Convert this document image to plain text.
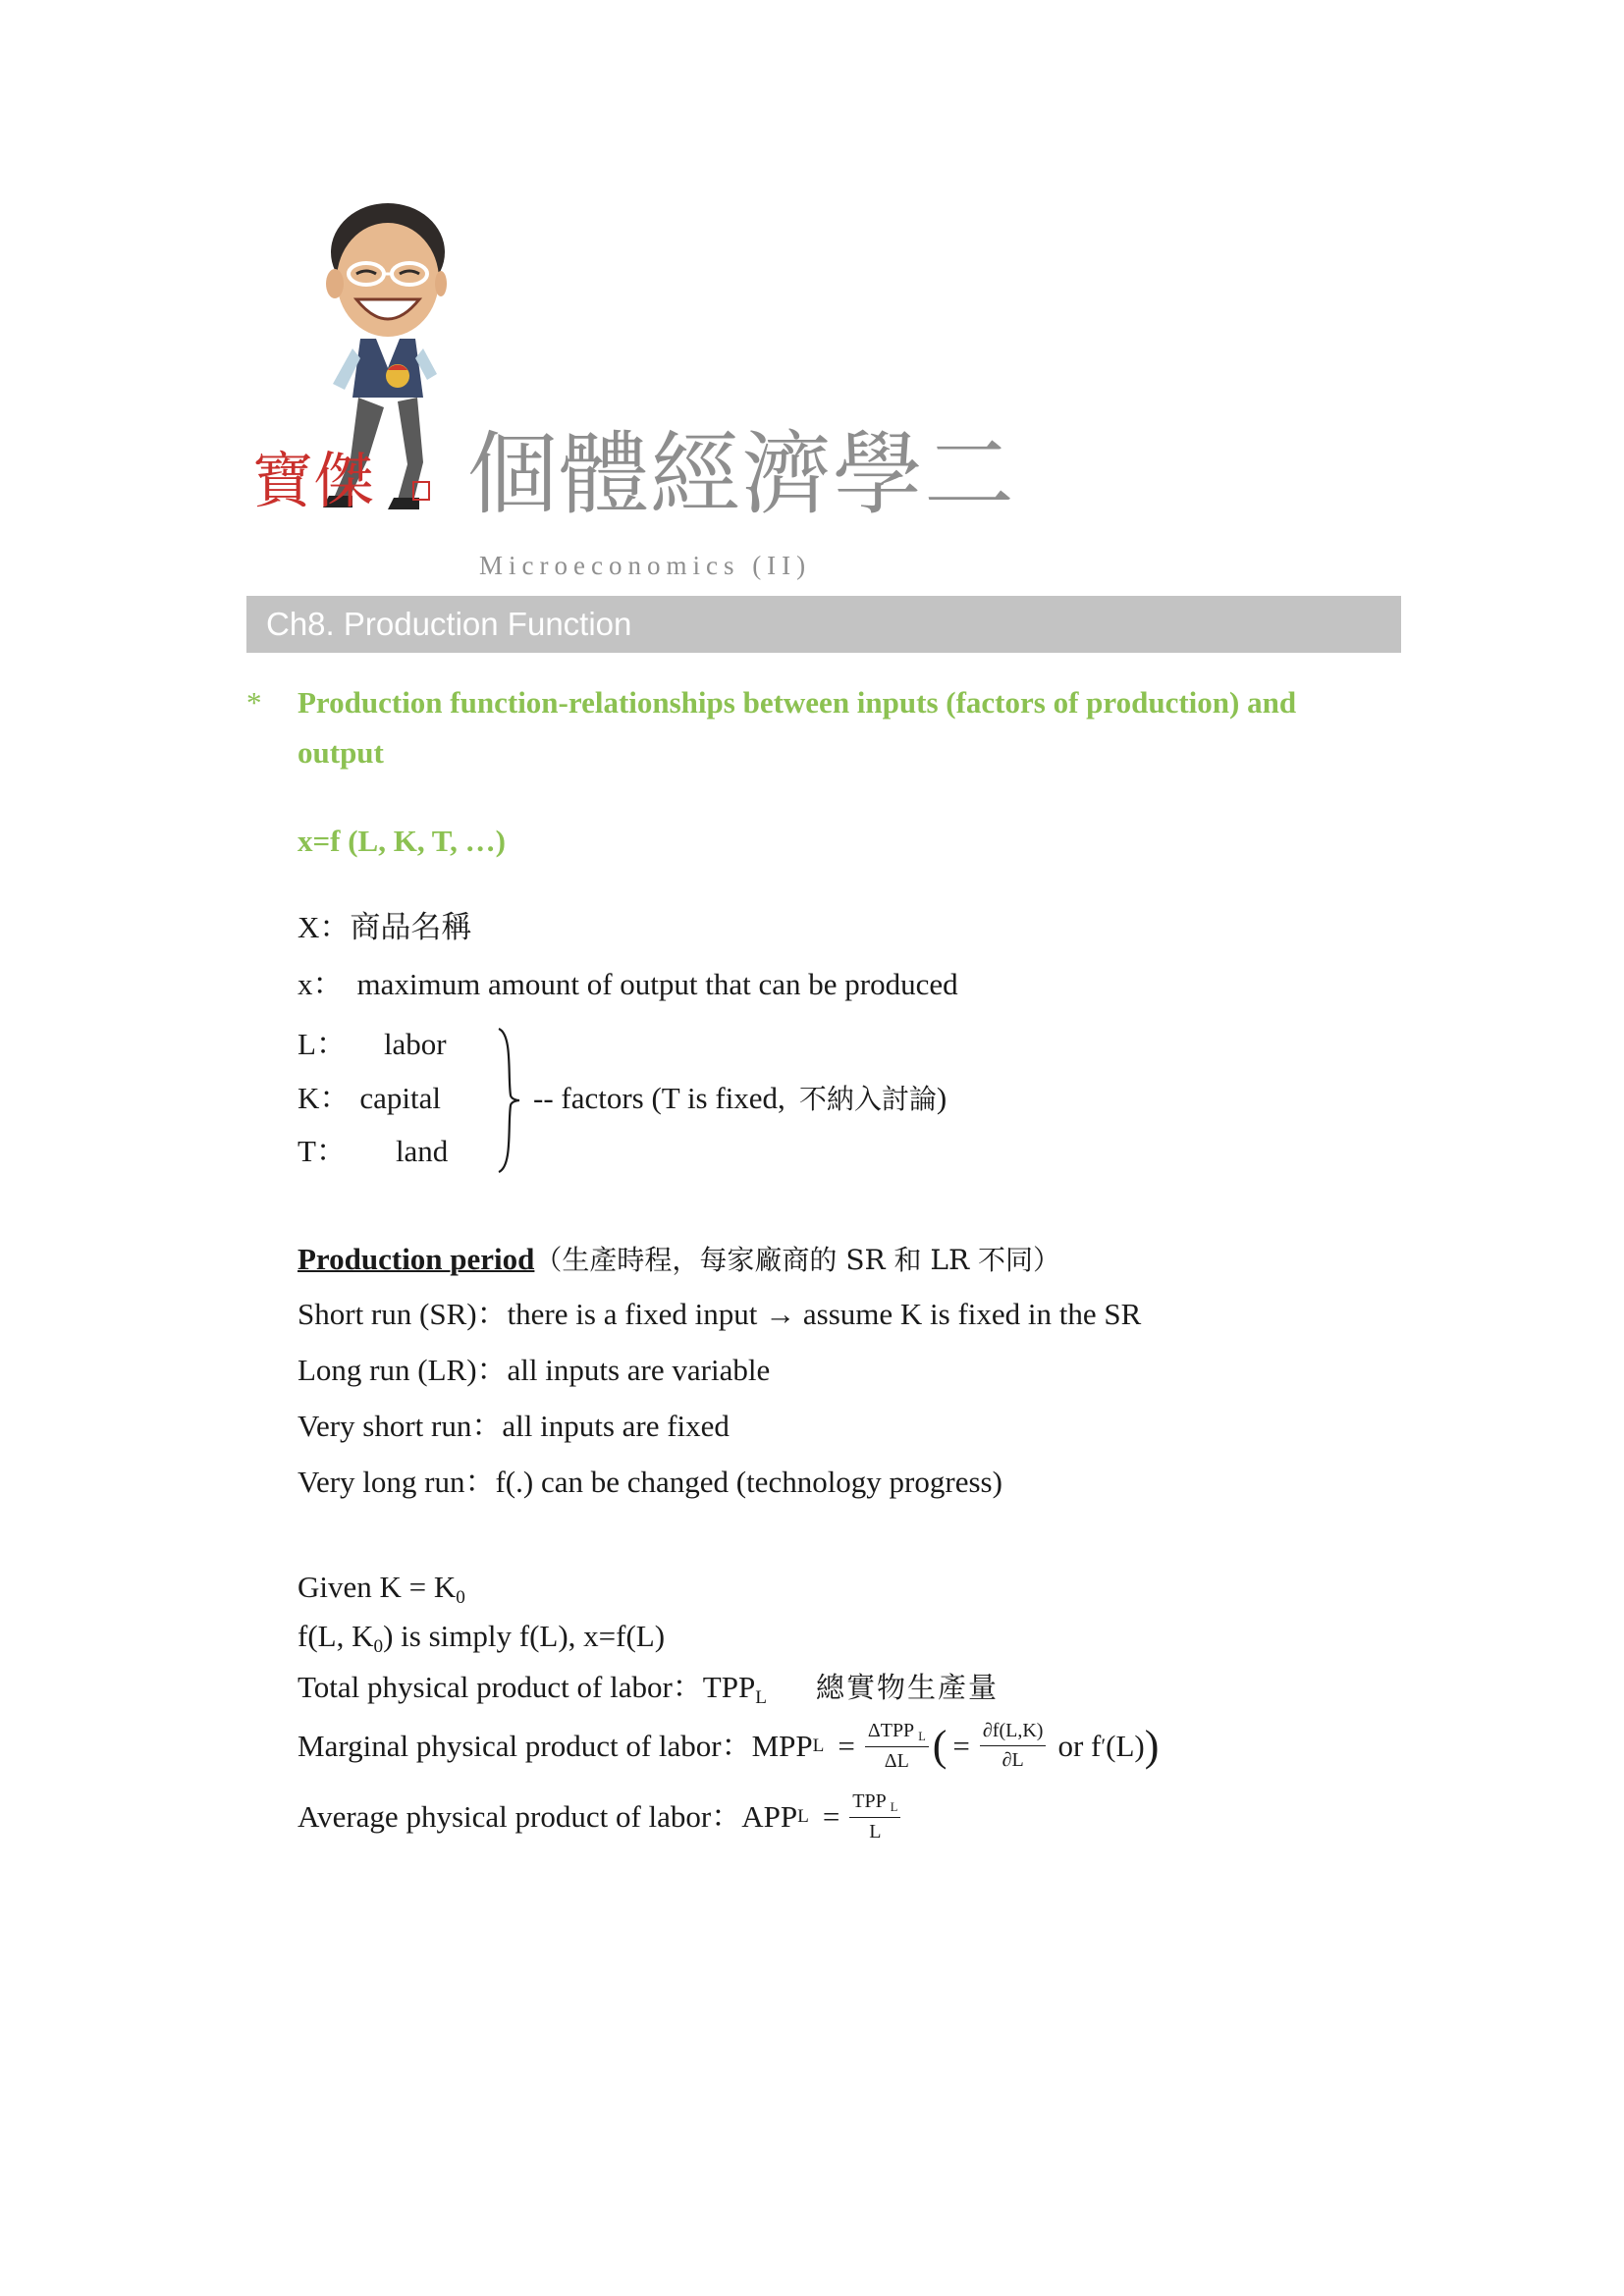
寶傑 個體經濟學二
Microeconomics (II)
Ch8. Production Function
* Production function-relationships between inputs (factors of production) and
output
x=f (L, K, T, …)
X：商品名稱
x： maximum amount of output that can be produced
L： labor
K： capital
T： land
-- factors (T is fixed, 不納入討論)
Production period（生產時程，每家廠商的 SR 和 LR 不同）
Short run (SR)：there is a fixed input → assume K is fixed in the SR
Long run (LR)：all inputs are variable
Very short run：all inputs are fixed
Very long run：f(.) can be changed (technology progress)
Given $K = K_0$
f(L, $K_0$) is simply f(L), x=f(L)
Total physical product of labor：$TPP_L$ 總實物生產量
Marginal physical product of labor：MPP $L = \frac{\Delta TPP _L}{\Delta L}$ ( = $\frac{\partial f(L,K)}{\partial L}$ or f ′ (L) )
Average physical product of labor：APP $L = \frac{TPP _L}{L}$
